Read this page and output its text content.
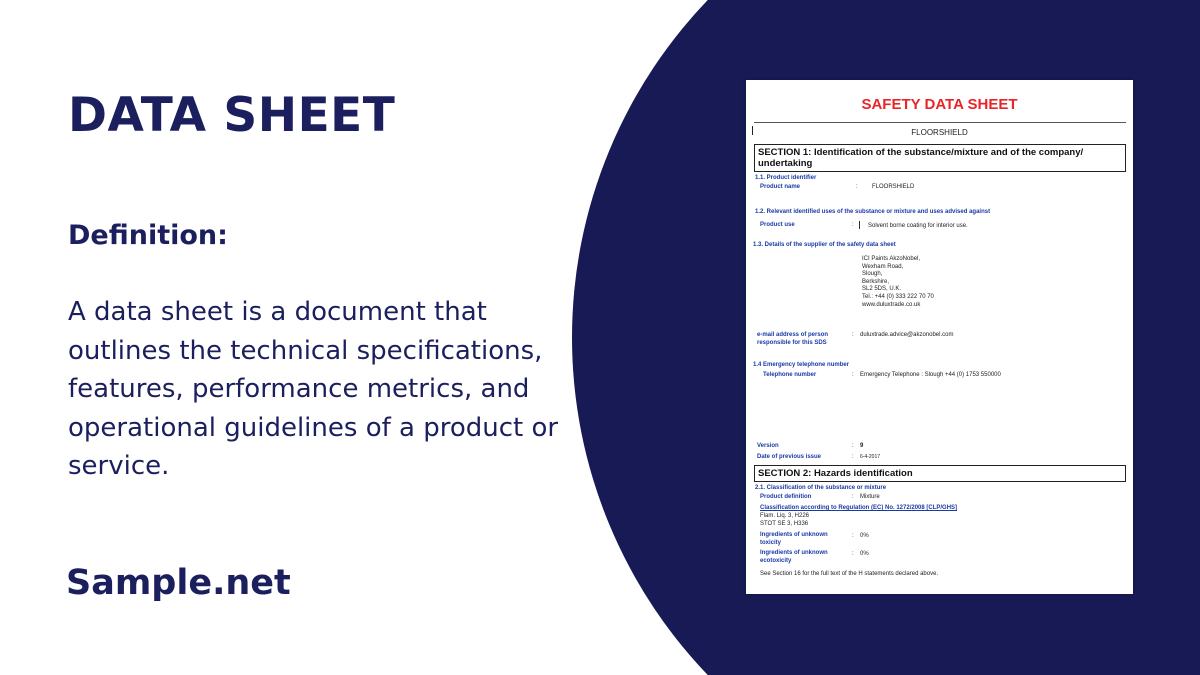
DATA SHEET
Definition:

A data sheet is a document that outlines the technical specifications, features, performance metrics, and operational guidelines of a product or service.

Sample.net
SAFETY DATA SHEET
FLOORSHIELD
SECTION 1: Identification of the substance/mixture and of the company/ undertaking
1.1. Product identifier
Product name	: FLOORSHIELD
1.2. Relevant identified uses of the substance or mixture and uses advised against
Product use	: Solvent borne coating for interior use.
1.3. Details of the supplier of the safety data sheet
ICI Paints AkzoNobel,
Wexham Road,
Slough,
Berkshire,
SL2 5DS, U.K.
Tel.: +44 (0) 333 222 70 70
www.duluxtrade.co.uk
e-mail address of person responsible for this SDS
: duluxtrade.advice@akzonobel.com
1.4 Emergency telephone number
Telephone number	: Emergency Telephone : Slough +44 (0) 1753 550000
Version	: 9
Date of previous issue	: 6-4-2017
SECTION 2: Hazards identification
2.1. Classification of the substance or mixture
Product definition	: Mixture
Classification according to Regulation (EC) No. 1272/2008 [CLP/GHS]
Flam. Liq. 3, H226
STOT SE 3, H336
Ingredients of unknown toxicity
: 0%
Ingredients of unknown ecotoxicity
: 0%
See Section 16 for the full text of the H statements declared above.
